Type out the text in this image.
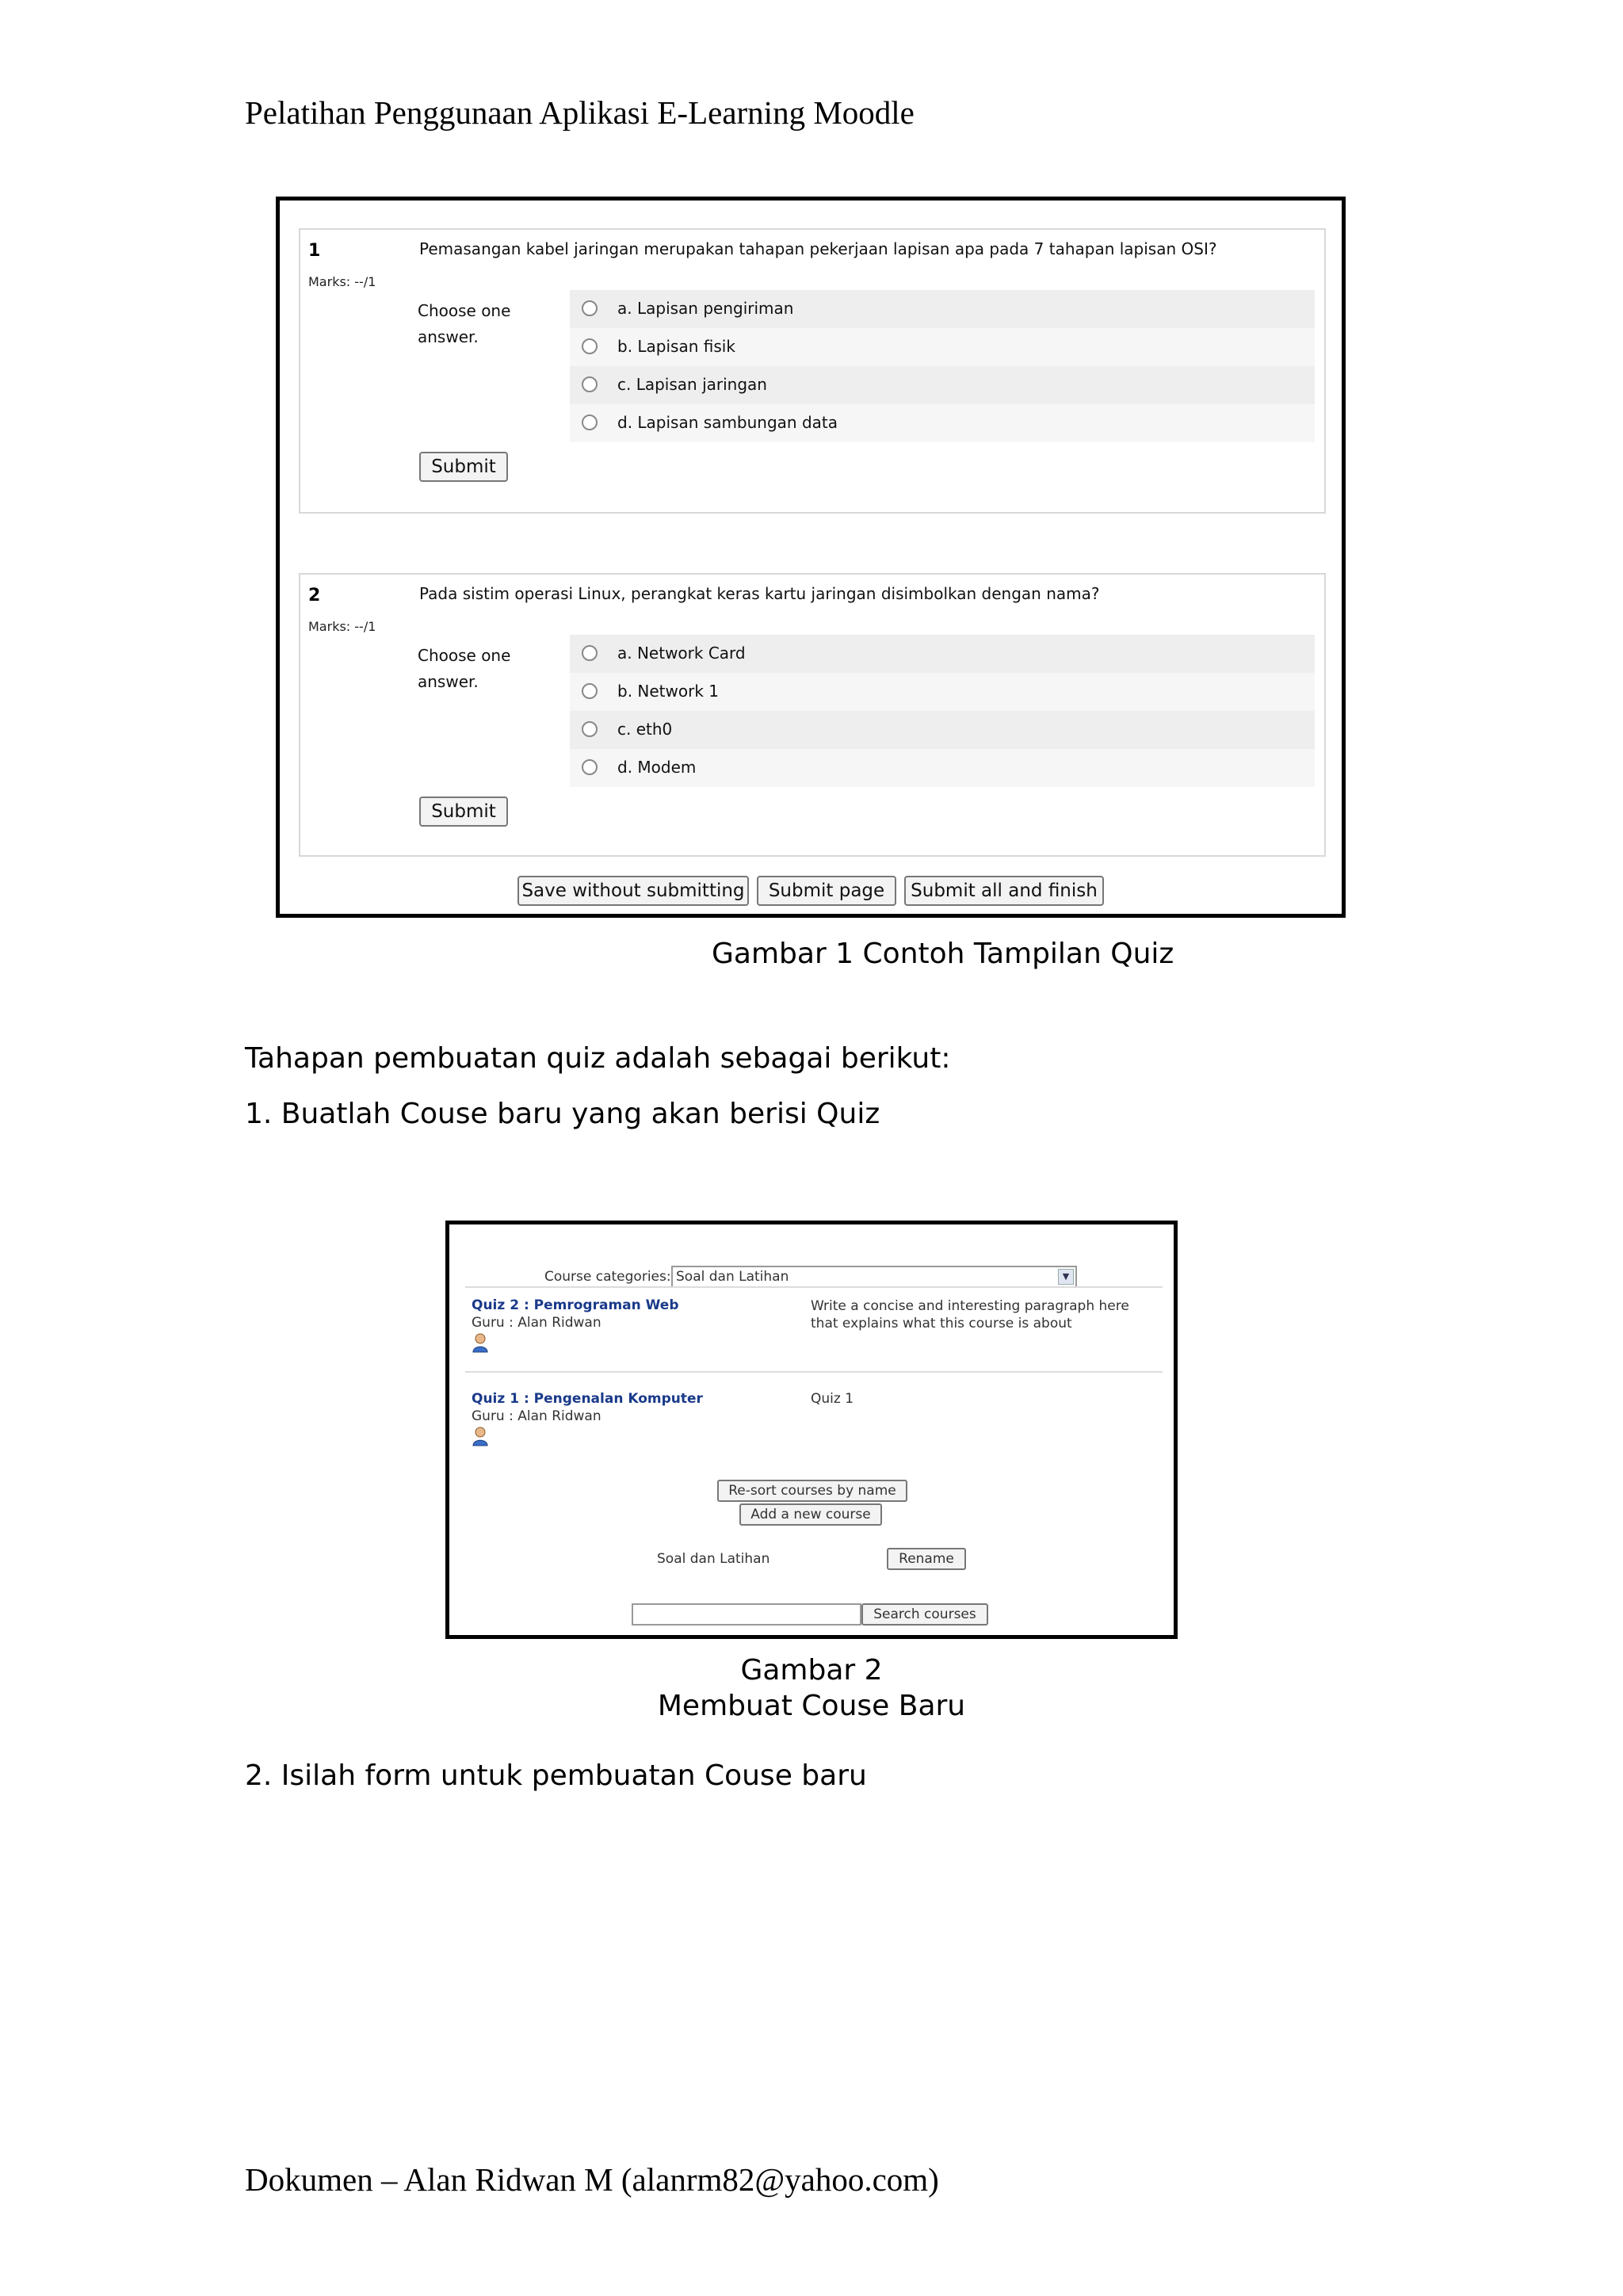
Pelatihan Penggunaan Aplikasi E-Learning Moodle
1
Marks: --/1
Pemasangan kabel jaringan merupakan tahapan pekerjaan lapisan apa pada 7 tahapan lapisan OSI?
Choose one answer.
a. Lapisan pengiriman
b. Lapisan fisik
c. Lapisan jaringan
d. Lapisan sambungan data
Submit
2
Marks: --/1
Pada sistim operasi Linux, perangkat keras kartu jaringan disimbolkan dengan nama?
Choose one answer.
a. Network Card
b. Network 1
c. eth0
d. Modem
Submit
Save without submitting	Submit page	Submit all and finish
Gambar 1 Contoh Tampilan Quiz
Tahapan pembuatan quiz adalah sebagai berikut:
1. Buatlah Couse baru yang akan berisi Quiz
Course categories: Soal dan Latihan	▼
Quiz 2 : Pemrograman Web
Guru : Alan Ridwan
Write a concise and interesting paragraph here that explains what this course is about
Quiz 1 : Pengenalan Komputer
Guru : Alan Ridwan
Quiz 1
Re-sort courses by name
Add a new course
Soal dan Latihan	Rename
Search courses
Gambar 2
Membuat Couse Baru
2. Isilah form untuk pembuatan Couse baru
Dokumen – Alan Ridwan M (alanrm82@yahoo.com)
